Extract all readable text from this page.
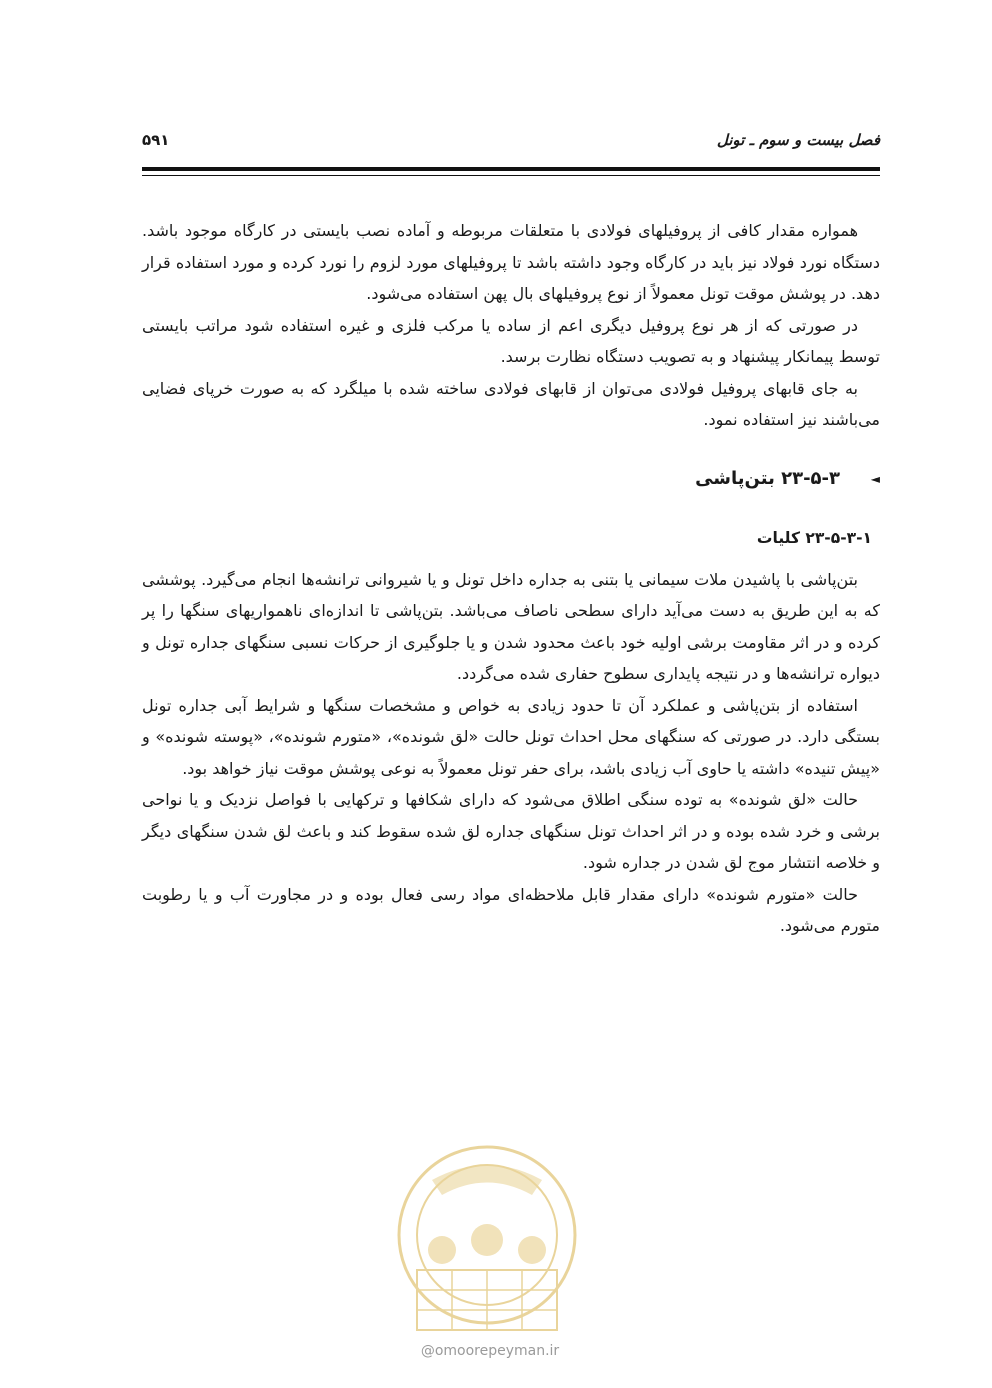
فصل بیست و سوم ـ تونل
۵۹۱

همواره مقدار کافی از پروفیلهای فولادی با متعلقات مربوطه و آماده نصب بایستی در کارگاه موجود باشد. دستگاه نورد فولاد نیز باید در کارگاه وجود داشته باشد تا پروفیلهای مورد لزوم را نورد کرده و مورد استفاده قرار دهد. در پوشش موقت تونل معمولاً از نوع پروفیلهای بال پهن استفاده می‌شود.

در صورتی که از هر نوع پروفیل دیگری اعم از ساده یا مرکب فلزی و غیره استفاده شود مراتب بایستی توسط پیمانکار پیشنهاد و به تصویب دستگاه نظارت برسد.

به جای قابهای پروفیل فولادی می‌توان از قابهای فولادی ساخته شده با میلگرد که به صورت خرپای فضایی می‌باشند نیز استفاده نمود.

◄
۲۳-۵-۳ بتن‌پاشی
۲۳-۵-۳-۱ کلیات

بتن‌پاشی با پاشیدن ملات سیمانی یا بتنی به جداره داخل تونل و یا شیروانی ترانشه‌ها انجام می‌گیرد. پوششی که به این طریق به دست می‌آید دارای سطحی ناصاف می‌باشد. بتن‌پاشی تا اندازه‌ای ناهمواریهای سنگها را پر کرده و در اثر مقاومت برشی اولیه خود باعث محدود شدن و یا جلوگیری از حرکات نسبی سنگهای جداره تونل و دیواره ترانشه‌ها و در نتیجه پایداری سطوح حفاری شده می‌گردد.

استفاده از بتن‌پاشی و عملکرد آن تا حدود زیادی به خواص و مشخصات سنگها و شرایط آبی جداره تونل بستگی دارد. در صورتی که سنگهای محل احداث تونل حالت «لق شونده»، «متورم شونده»، «پوسته شونده» و «پیش تنیده» داشته یا حاوی آب زیادی باشد، برای حفر تونل معمولاً به نوعی پوشش موقت نیاز خواهد بود.

حالت «لق شونده» به توده سنگی اطلاق می‌شود که دارای شکافها و ترکهایی با فواصل نزدیک و یا نواحی برشی و خرد شده بوده و در اثر احداث تونل سنگهای جداره لق شده سقوط کند و باعث لق شدن سنگهای دیگر و خلاصه انتشار موج لق شدن در جداره شود.

حالت «متورم شونده» دارای مقدار قابل ملاحظه‌ای مواد رسی فعال بوده و در مجاورت آب و یا رطوبت متورم می‌شود.

@omoorepeyman.ir
